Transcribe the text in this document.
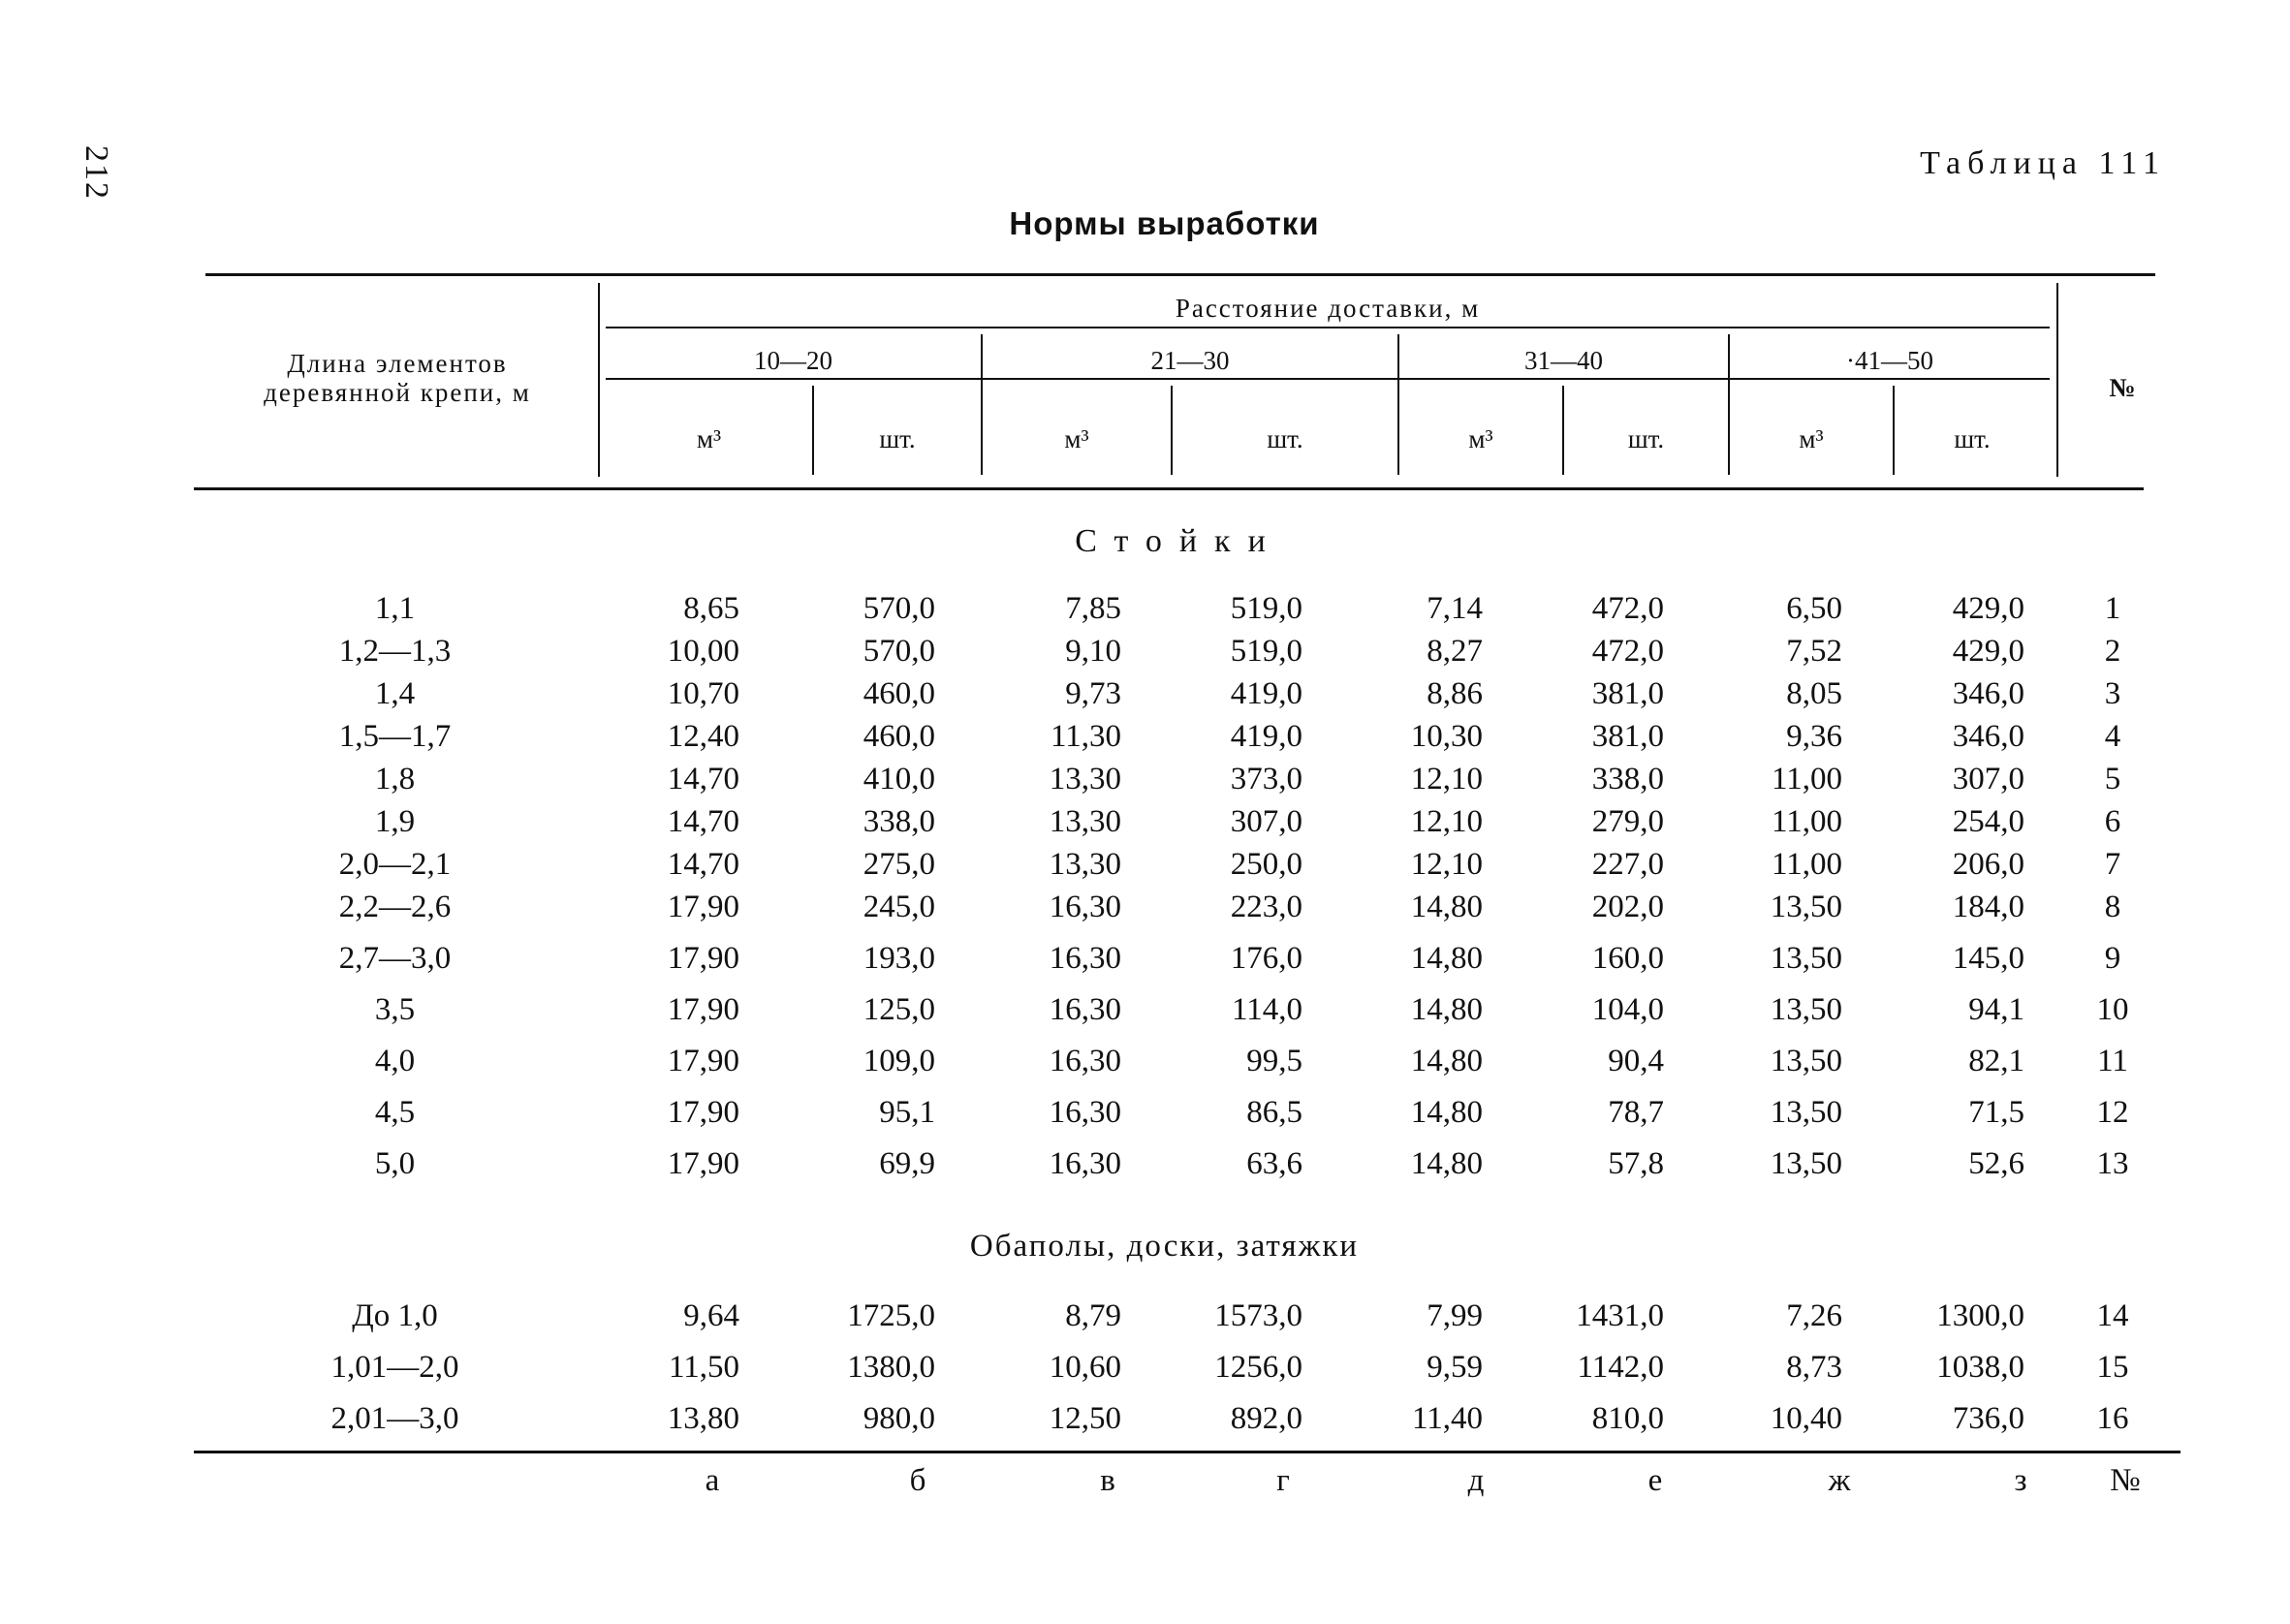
212	Таблица 111
Нормы выработки
Длина элементов
деревянной крепи, м
Расстояние доставки, м
10—20	21—30	31—40	·41—50
м³	шт.	м³	шт.	м³	шт.	м³	шт.
№
Стойки
Обаполы, доски, затяжки
1,1	8,65	570,0	7,85	519,0	7,14	472,0	6,50	429,0	1
1,2—1,3	10,00	570,0	9,10	519,0	8,27	472,0	7,52	429,0	2
1,4	10,70	460,0	9,73	419,0	8,86	381,0	8,05	346,0	3
1,5—1,7	12,40	460,0	11,30	419,0	10,30	381,0	9,36	346,0	4
1,8	14,70	410,0	13,30	373,0	12,10	338,0	11,00	307,0	5
1,9	14,70	338,0	13,30	307,0	12,10	279,0	11,00	254,0	6
2,0—2,1	14,70	275,0	13,30	250,0	12,10	227,0	11,00	206,0	7
2,2—2,6	17,90	245,0	16,30	223,0	14,80	202,0	13,50	184,0	8
2,7—3,0	17,90	193,0	16,30	176,0	14,80	160,0	13,50	145,0	9
3,5	17,90	125,0	16,30	114,0	14,80	104,0	13,50	94,1	10
4,0	17,90	109,0	16,30	99,5	14,80	90,4	13,50	82,1	11
4,5	17,90	95,1	16,30	86,5	14,80	78,7	13,50	71,5	12
5,0	17,90	69,9	16,30	63,6	14,80	57,8	13,50	52,6	13
До 1,0	9,64	1725,0	8,79	1573,0	7,99	1431,0	7,26	1300,0	14
1,01—2,0	11,50	1380,0	10,60	1256,0	9,59	1142,0	8,73	1038,0	15
2,01—3,0	13,80	980,0	12,50	892,0	11,40	810,0	10,40	736,0	16
а	б	в	г	д	е	ж	з	№
